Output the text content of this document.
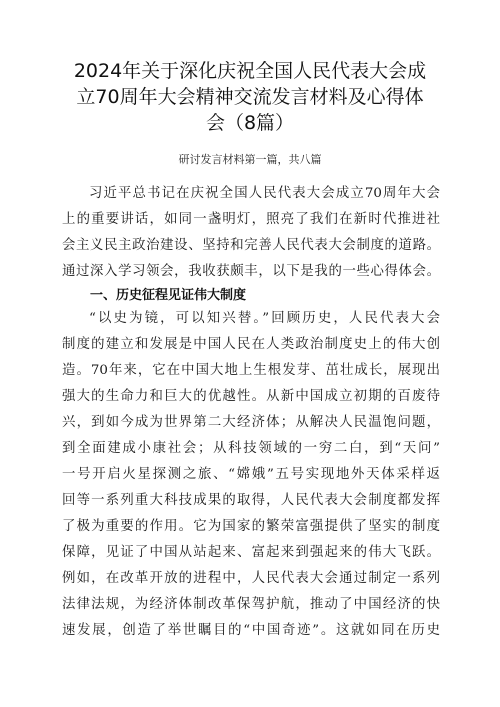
2024年关于深化庆祝全国人民代表大会成
立70周年大会精神交流发言材料及心得体
会（8篇）
研讨发言材料第一篇，共八篇

习近平总书记在庆祝全国人民代表大会成立70周年大会
上的重要讲话，如同一盏明灯，照亮了我们在新时代推进社
会主义民主政治建设、坚持和完善人民代表大会制度的道路。
通过深入学习领会，我收获颇丰，以下是我的一些心得体会。

一、历史征程见证伟大制度

“以史为镜，可以知兴替。”回顾历史，人民代表大会
制度的建立和发展是中国人民在人类政治制度史上的伟大创
造。70年来，它在中国大地上生根发芽、茁壮成长，展现出
强大的生命力和巨大的优越性。从新中国成立初期的百废待
兴，到如今成为世界第二大经济体；从解决人民温饱问题，
到全面建成小康社会；从科技领域的一穷二白，到“天问”
一号开启火星探测之旅、“嫦娥”五号实现地外天体采样返
回等一系列重大科技成果的取得，人民代表大会制度都发挥
了极为重要的作用。它为国家的繁荣富强提供了坚实的制度
保障，见证了中国从站起来、富起来到强起来的伟大飞跃。
例如，在改革开放的进程中，人民代表大会通过制定一系列
法律法规，为经济体制改革保驾护航，推动了中国经济的快
速发展，创造了举世瞩目的“中国奇迹”。这就如同在历史
